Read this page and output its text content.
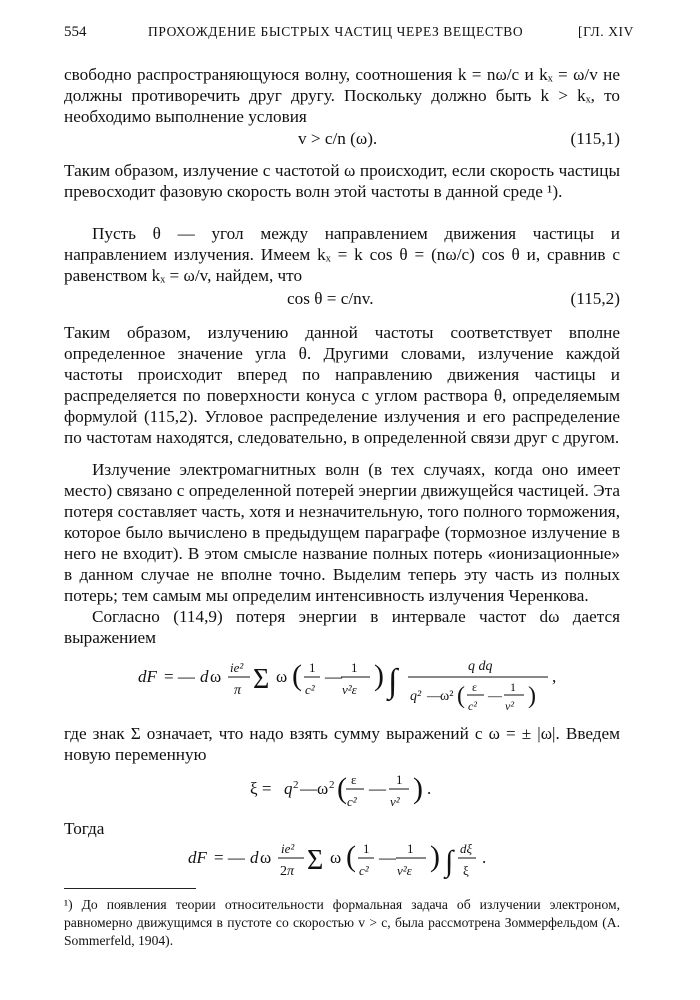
554	ПРОХОЖДЕНИЕ БЫСТРЫХ ЧАСТИЦ ЧЕРЕЗ ВЕЩЕСТВО	[ГЛ. XIV
свободно распространяющуюся волну, соотношения k = nω/c и kₓ = ω/v не должны противоречить друг другу. Поскольку должно быть k > kₓ, то необходимо выполнение условия
v > c/n (ω).	(115,1)
Таким образом, излучение с частотой ω происходит, если скорость частицы превосходит фазовую скорость волн этой частоты в данной среде ¹).
Пусть θ — угол между направлением движения частицы и направлением излучения. Имеем kₓ = k cos θ = (nω/c) cos θ и, сравнив с равенством kₓ = ω/v, найдем, что
cos θ = c/nv.	(115,2)
Таким образом, излучению данной частоты соответствует вполне определенное значение угла θ. Другими словами, излучение каждой частоты происходит вперед по направлению движения частицы и распределяется по поверхности конуса с углом раствора θ, определяемым формулой (115,2). Угловое распределение излучения и его распределение по частотам находятся, следовательно, в определенной связи друг с другом.
Излучение электромагнитных волн (в тех случаях, когда оно имеет место) связано с определенной потерей энергии движущейся частицей. Эта потеря составляет часть, хотя и незначительную, того полного торможения, которое было вычислено в предыдущем параграфе (тормозное излучение в него не входит). В этом смысле название полных потерь «ионизационные» в данном случае не вполне точно. Выделим теперь эту часть из полных потерь; тем самым мы определим интенсивность излучения Черенкова.
Согласно (114,9) потеря энергии в интервале частот dω дается выражением
dF = — d ω ie²
π Σ ω ( 1
c²
— 1
v²ε ) ∫	q dq
q² — ω² ( ε
c²
—
1
v² )
,
где знак Σ означает, что надо взять сумму выражений с ω = ± |ω|. Введем новую переменную
ξ = q 2 — ω 2 ( ε
c²
— 1
v² ) .
Тогда
dF = — d ω ie²
2π Σ ω ( 1
c²
— 1
v²ε ) ∫ dξ
ξ
.
¹) До появления теории относительности формальная задача об излучении электроном, равномерно движущимся в пустоте со скоростью v > c, была рассмотрена Зоммерфельдом (A. Sommerfeld, 1904).
